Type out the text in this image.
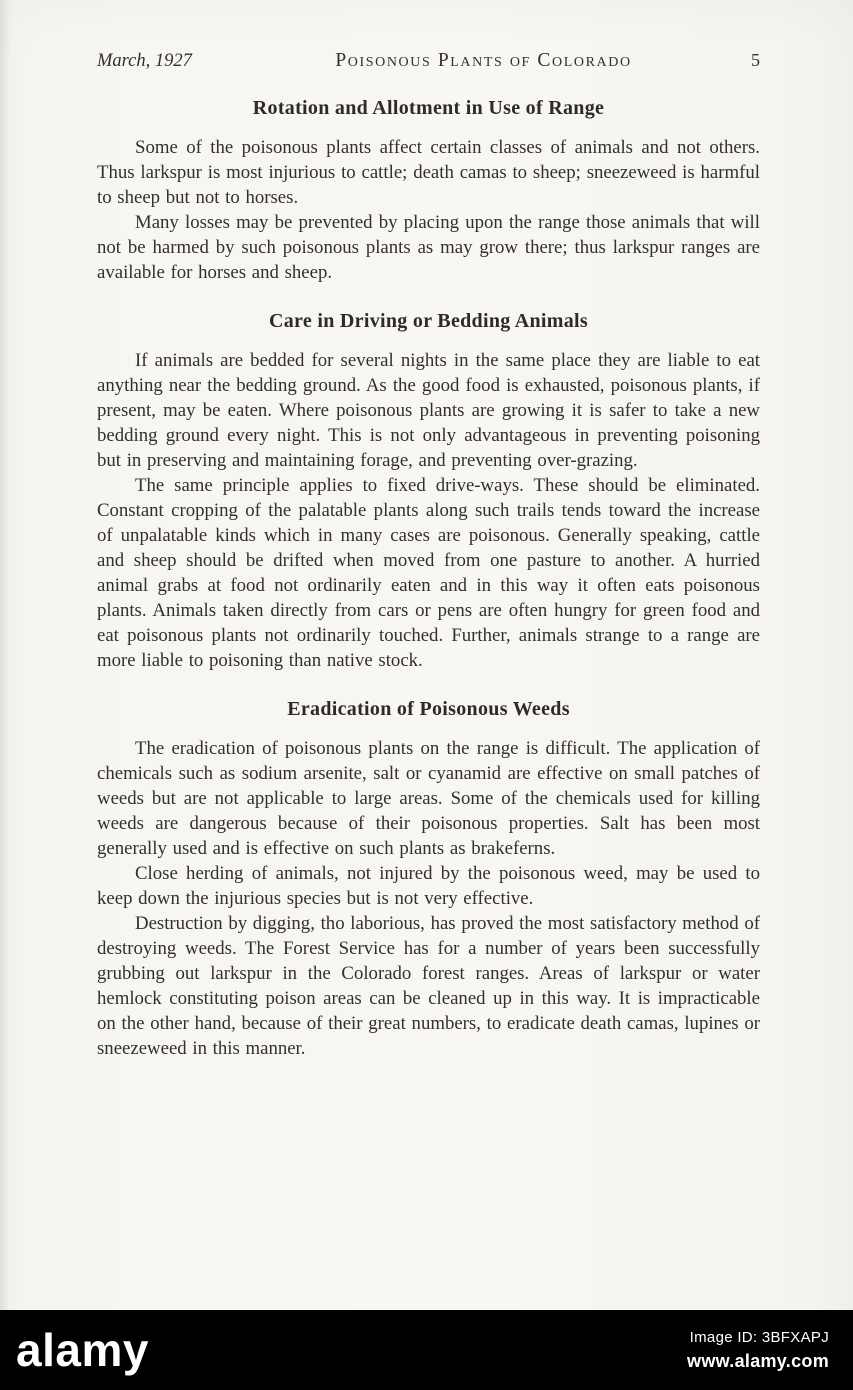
March, 1927	Poisonous Plants of Colorado	5
Rotation and Allotment in Use of Range

Some of the poisonous plants affect certain classes of animals and not others. Thus larkspur is most injurious to cattle; death camas to sheep; sneezeweed is harmful to sheep but not to horses.

Many losses may be prevented by placing upon the range those animals that will not be harmed by such poisonous plants as may grow there; thus larkspur ranges are available for horses and sheep.

Care in Driving or Bedding Animals

If animals are bedded for several nights in the same place they are liable to eat anything near the bedding ground. As the good food is exhausted, poisonous plants, if present, may be eaten. Where poisonous plants are growing it is safer to take a new bedding ground every night. This is not only advantageous in preventing poisoning but in preserving and maintaining forage, and preventing over-grazing.

The same principle applies to fixed drive-ways. These should be eliminated. Constant cropping of the palatable plants along such trails tends toward the increase of unpalatable kinds which in many cases are poisonous. Generally speaking, cattle and sheep should be drifted when moved from one pasture to another. A hurried animal grabs at food not ordinarily eaten and in this way it often eats poisonous plants. Animals taken directly from cars or pens are often hungry for green food and eat poisonous plants not ordinarily touched. Further, animals strange to a range are more liable to poisoning than native stock.

Eradication of Poisonous Weeds

The eradication of poisonous plants on the range is difficult. The application of chemicals such as sodium arsenite, salt or cyanamid are effective on small patches of weeds but are not applicable to large areas. Some of the chemicals used for killing weeds are dangerous because of their poisonous properties. Salt has been most generally used and is effective on such plants as brakeferns.

Close herding of animals, not injured by the poisonous weed, may be used to keep down the injurious species but is not very effective.

Destruction by digging, tho laborious, has proved the most satisfactory method of destroying weeds. The Forest Service has for a number of years been successfully grubbing out larkspur in the Colorado forest ranges. Areas of larkspur or water hemlock constituting poison areas can be cleaned up in this way. It is impracticable on the other hand, because of their great numbers, to eradicate death camas, lupines or sneezeweed in this manner.

alamy	Image ID: 3BFXAPJ
www.alamy.com
